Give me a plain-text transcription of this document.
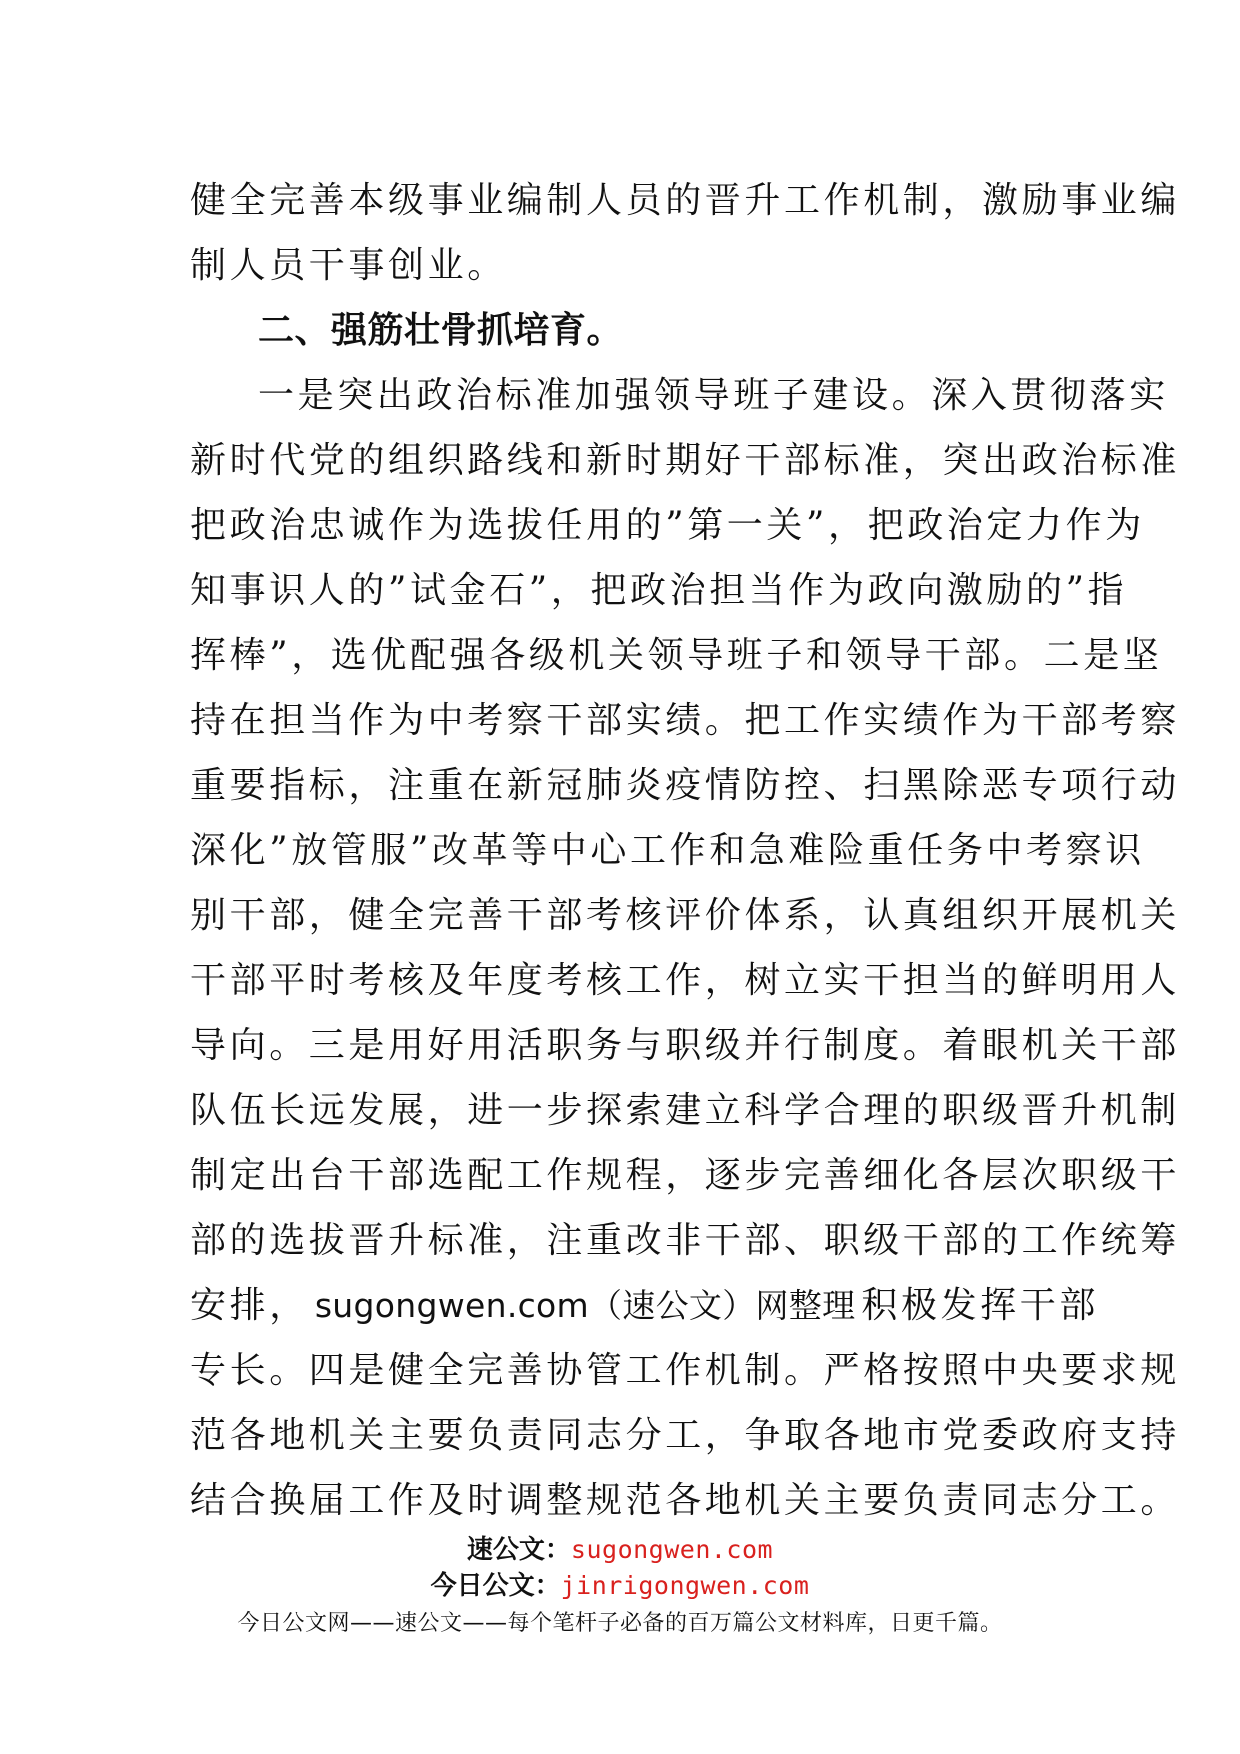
健全完善本级事业编制人员的晋升工作机制，激励事业编
制人员干事创业。
二、强筋壮骨抓培育。
一是突出政治标准加强领导班子建设。深入贯彻落实
新时代党的组织路线和新时期好干部标准，突出政治标准
把政治忠诚作为选拔任用的”第一关”，把政治定力作为
知事识人的”试金石”，把政治担当作为政向激励的”指
挥棒”，选优配强各级机关领导班子和领导干部。二是坚
持在担当作为中考察干部实绩。把工作实绩作为干部考察
重要指标，注重在新冠肺炎疫情防控、扫黑除恶专项行动
深化”放管服”改革等中心工作和急难险重任务中考察识
别干部，健全完善干部考核评价体系，认真组织开展机关
干部平时考核及年度考核工作，树立实干担当的鲜明用人
导向。三是用好用活职务与职级并行制度。着眼机关干部
队伍长远发展，进一步探索建立科学合理的职级晋升机制
制定出台干部选配工作规程，逐步完善细化各层次职级干
部的选拔晋升标准，注重改非干部、职级干部的工作统筹
安排， sugongwen.com（速公文）网整理 积极发挥干部
专长。四是健全完善协管工作机制。严格按照中央要求规
范各地机关主要负责同志分工，争取各地市党委政府支持
结合换届工作及时调整规范各地机关主要负责同志分工。
速公文：sugongwen.com
今日公文：jinrigongwen.com
今日公文网——速公文——每个笔杆子必备的百万篇公文材料库，日更千篇。
